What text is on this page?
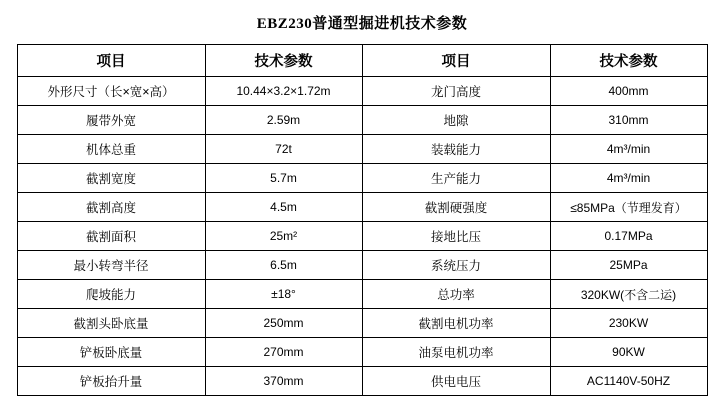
EBZ230普通型掘进机技术参数
项目	技术参数	项目	技术参数
外形尺寸（长×宽×高）	10.44×3.2×1.72m	龙门高度	400mm
履带外宽	2.59m	地隙	310mm
机体总重	72t	装载能力	4m³/min
截割宽度	5.7m	生产能力	4m³/min
截割高度	4.5m	截割硬强度	≤85MPa（节理发育）
截割面积	25m²	接地比压	0.17MPa
最小转弯半径	6.5m	系统压力	25MPa
爬坡能力	±18°	总功率	320KW(不含二运)
截割头卧底量	250mm	截割电机功率	230KW
铲板卧底量	270mm	油泵电机功率	90KW
铲板抬升量	370mm	供电电压	AC1140V-50HZ
